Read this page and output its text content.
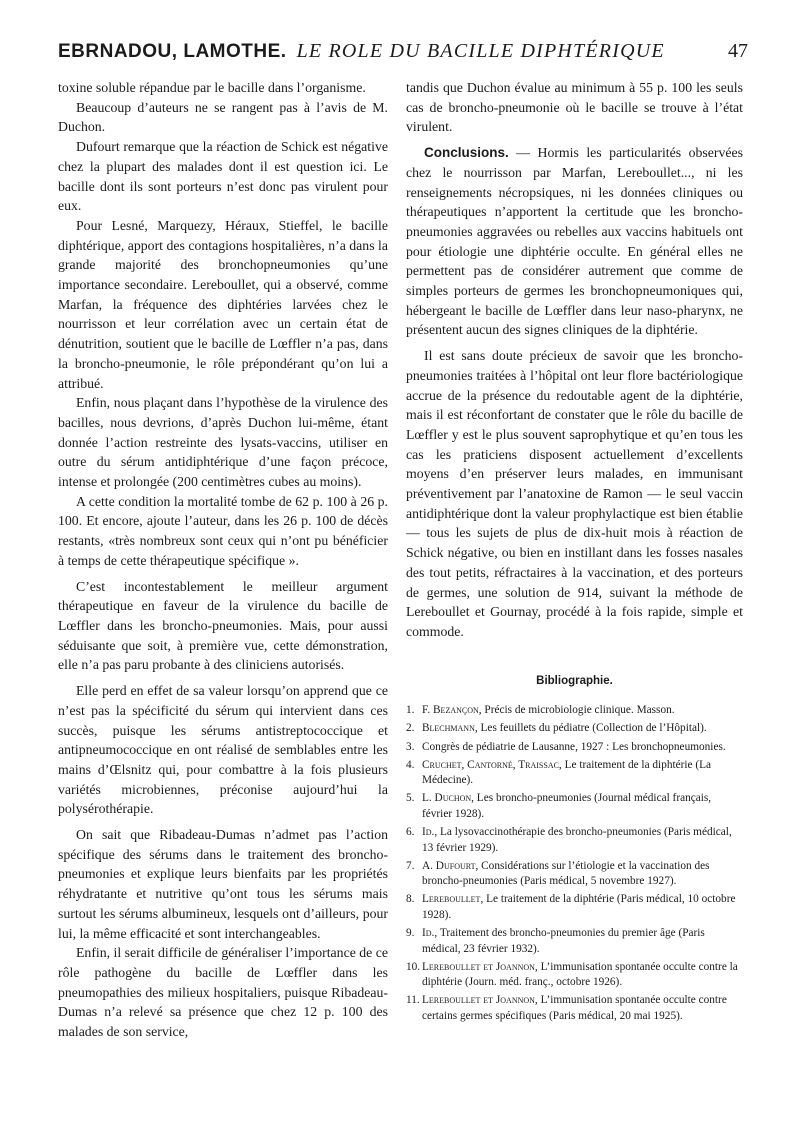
EBRNADOU, LAMOTHE. LE ROLE DU BACILLE DIPHTÉRIQUE	47

toxine soluble répandue par le bacille dans l’organisme.

Beaucoup d’auteurs ne se rangent pas à l’avis de M. Duchon.

Dufourt remarque que la réaction de Schick est négative chez la plupart des malades dont il est question ici. Le bacille dont ils sont porteurs n’est donc pas virulent pour eux.

Pour Lesné, Marquezy, Héraux, Stieffel, le bacille diphtérique, apport des contagions hospitalières, n’a dans la grande majorité des bronchopneumonies qu’une importance secondaire. Lereboullet, qui a observé, comme Marfan, la fréquence des diphtéries larvées chez le nourrisson et leur corrélation avec un certain état de dénutrition, soutient que le bacille de Lœffler n’a pas, dans la broncho-pneumonie, le rôle prépondérant qu’on lui a attribué.

Enfin, nous plaçant dans l’hypothèse de la virulence des bacilles, nous devrions, d’après Duchon lui-même, étant donnée l’action restreinte des lysats-vaccins, utiliser en outre du sérum antidiphtérique d’une façon précoce, intense et prolongée (200 centimètres cubes au moins).

A cette condition la mortalité tombe de 62 p. 100 à 26 p. 100. Et encore, ajoute l’auteur, dans les 26 p. 100 de décès restants, «très nombreux sont ceux qui n’ont pu bénéficier à temps de cette thérapeutique spécifique ».

C’est incontestablement le meilleur argument thérapeutique en faveur de la virulence du bacille de Lœffler dans les broncho-pneumonies. Mais, pour aussi séduisante que soit, à première vue, cette démonstration, elle n’a pas paru probante à des cliniciens autorisés.

Elle perd en effet de sa valeur lorsqu’on apprend que ce n’est pas la spécificité du sérum qui intervient dans ces succès, puisque les sérums antistreptococcique et antipneumococcique en ont réalisé de semblables entre les mains d’Œlsnitz qui, pour combattre à la fois plusieurs variétés microbiennes, préconise aujourd’hui la polysérothérapie.

On sait que Ribadeau-Dumas n’admet pas l’action spécifique des sérums dans le traitement des broncho-pneumonies et explique leurs bienfaits par les propriétés réhydratante et nutritive qu’ont tous les sérums mais surtout les sérums albumineux, lesquels ont d’ailleurs, pour lui, la même efficacité et sont interchangeables.

Enfin, il serait difficile de généraliser l’importance de ce rôle pathogène du bacille de Lœffler dans les pneumopathies des milieux hospitaliers, puisque Ribadeau-Dumas n’a relevé sa présence que chez 12 p. 100 des malades de son service,

tandis que Duchon évalue au minimum à 55 p. 100 les seuls cas de broncho-pneumonie où le bacille se trouve à l’état virulent.

Conclusions. — Hormis les particularités observées chez le nourrisson par Marfan, Lereboullet..., ni les renseignements nécropsiques, ni les données cliniques ou thérapeutiques n’apportent la certitude que les broncho-pneumonies aggravées ou rebelles aux vaccins habituels ont pour étiologie une diphtérie occulte. En général elles ne permettent pas de considérer autrement que comme de simples porteurs de germes les bronchopneumoniques qui, hébergeant le bacille de Lœffler dans leur naso-pharynx, ne présentent aucun des signes cliniques de la diphtérie.

Il est sans doute précieux de savoir que les broncho-pneumonies traitées à l’hôpital ont leur flore bactériologique accrue de la présence du redoutable agent de la diphtérie, mais il est réconfortant de constater que le rôle du bacille de Lœffler y est le plus souvent saprophytique et qu’en tous les cas les praticiens disposent actuellement d’excellents moyens d’en préserver leurs malades, en immunisant préventivement par l’anatoxine de Ramon — le seul vaccin antidiphtérique dont la valeur prophylactique est bien établie — tous les sujets de plus de dix-huit mois à réaction de Schick négative, ou bien en instillant dans les fosses nasales des tout petits, réfractaires à la vaccination, et des porteurs de germes, une solution de 914, suivant la méthode de Lereboullet et Gournay, procédé à la fois rapide, simple et commode.

Bibliographie.
1. F. Bezançon, Précis de microbiologie clinique. Masson.
2. Blechmann, Les feuillets du pédiatre (Collection de l’Hôpital).
3. Congrès de pédiatrie de Lausanne, 1927 : Les bronchopneumonies.
4. Cruchet, Cantorné, Traissac, Le traitement de la diphtérie (La Médecine).
5. L. Duchon, Les broncho-pneumonies (Journal médical français, février 1928).
6. Id., La lysovaccinothérapie des broncho-pneumonies (Paris médical, 13 février 1929).
7. A. Dufourt, Considérations sur l’étiologie et la vaccination des broncho-pneumonies (Paris médical, 5 novembre 1927).
8. Lereboullet, Le traitement de la diphtérie (Paris médical, 10 octobre 1928).
9. Id., Traitement des broncho-pneumonies du premier âge (Paris médical, 23 février 1932).
10. Lereboullet et Joannon, L’immunisation spontanée occulte contre la diphtérie (Journ. méd. franç., octobre 1926).
11. Lereboullet et Joannon, L’immunisation spontanée occulte contre certains germes spécifiques (Paris médical, 20 mai 1925).
